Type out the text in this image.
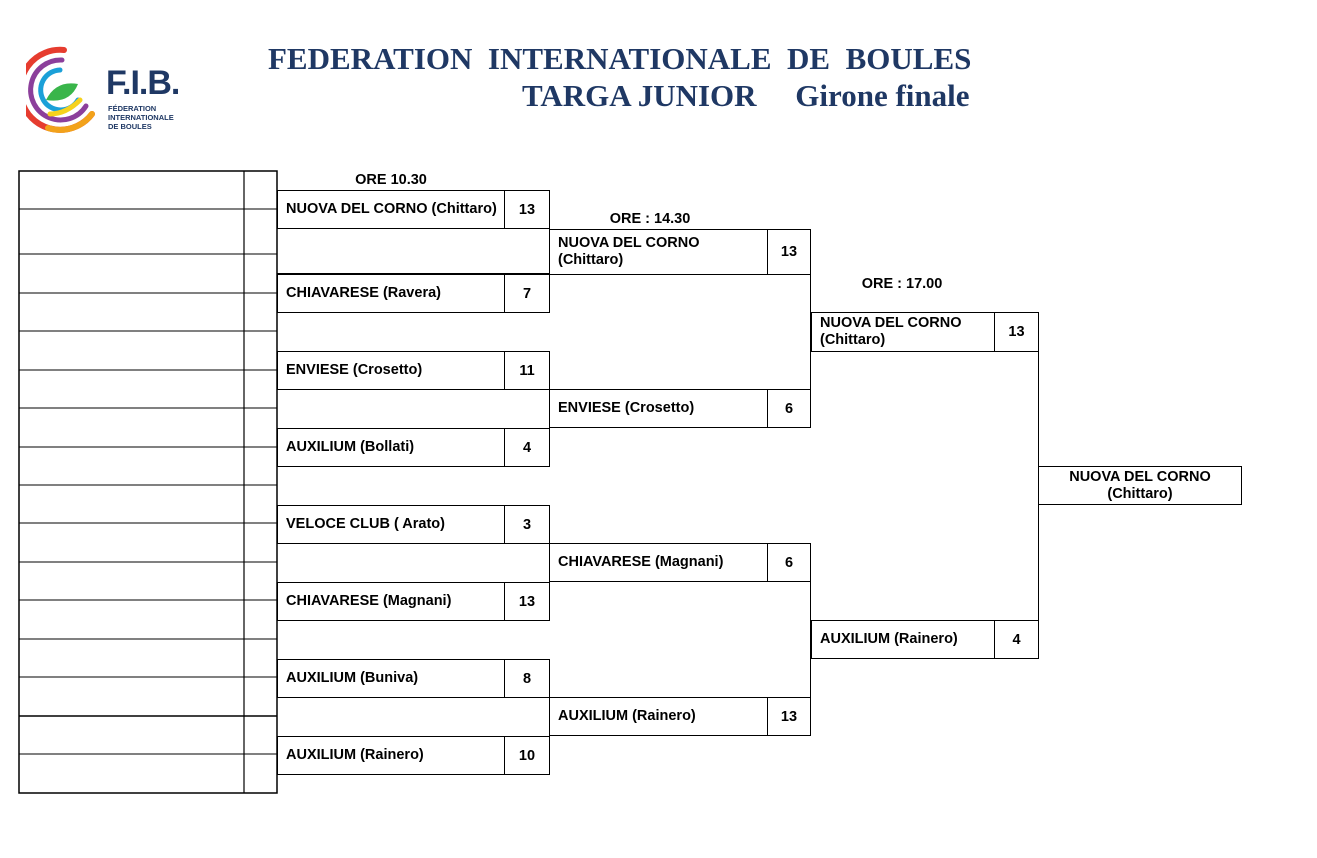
F.I.B.
FÉDERATION
INTERNATIONALE
DE BOULES
FEDERATION  INTERNATIONALE  DE  BOULES
TARGA JUNIOR     Girone finale
ORE 10.30
NUOVA DEL CORNO (Chittaro)	13
CHIAVARESE (Ravera)	7
ENVIESE (Crosetto)	11
AUXILIUM (Bollati)	4
VELOCE CLUB ( Arato)	3
CHIAVARESE (Magnani)	13
AUXILIUM (Buniva)	8
AUXILIUM (Rainero)	10
ORE : 14.30
NUOVA DEL CORNO (Chittaro)	13
ENVIESE (Crosetto)	6
CHIAVARESE (Magnani)	6
AUXILIUM (Rainero)	13
ORE : 17.00
NUOVA DEL CORNO (Chittaro)	13
AUXILIUM (Rainero)	4
NUOVA DEL CORNO
(Chittaro)
